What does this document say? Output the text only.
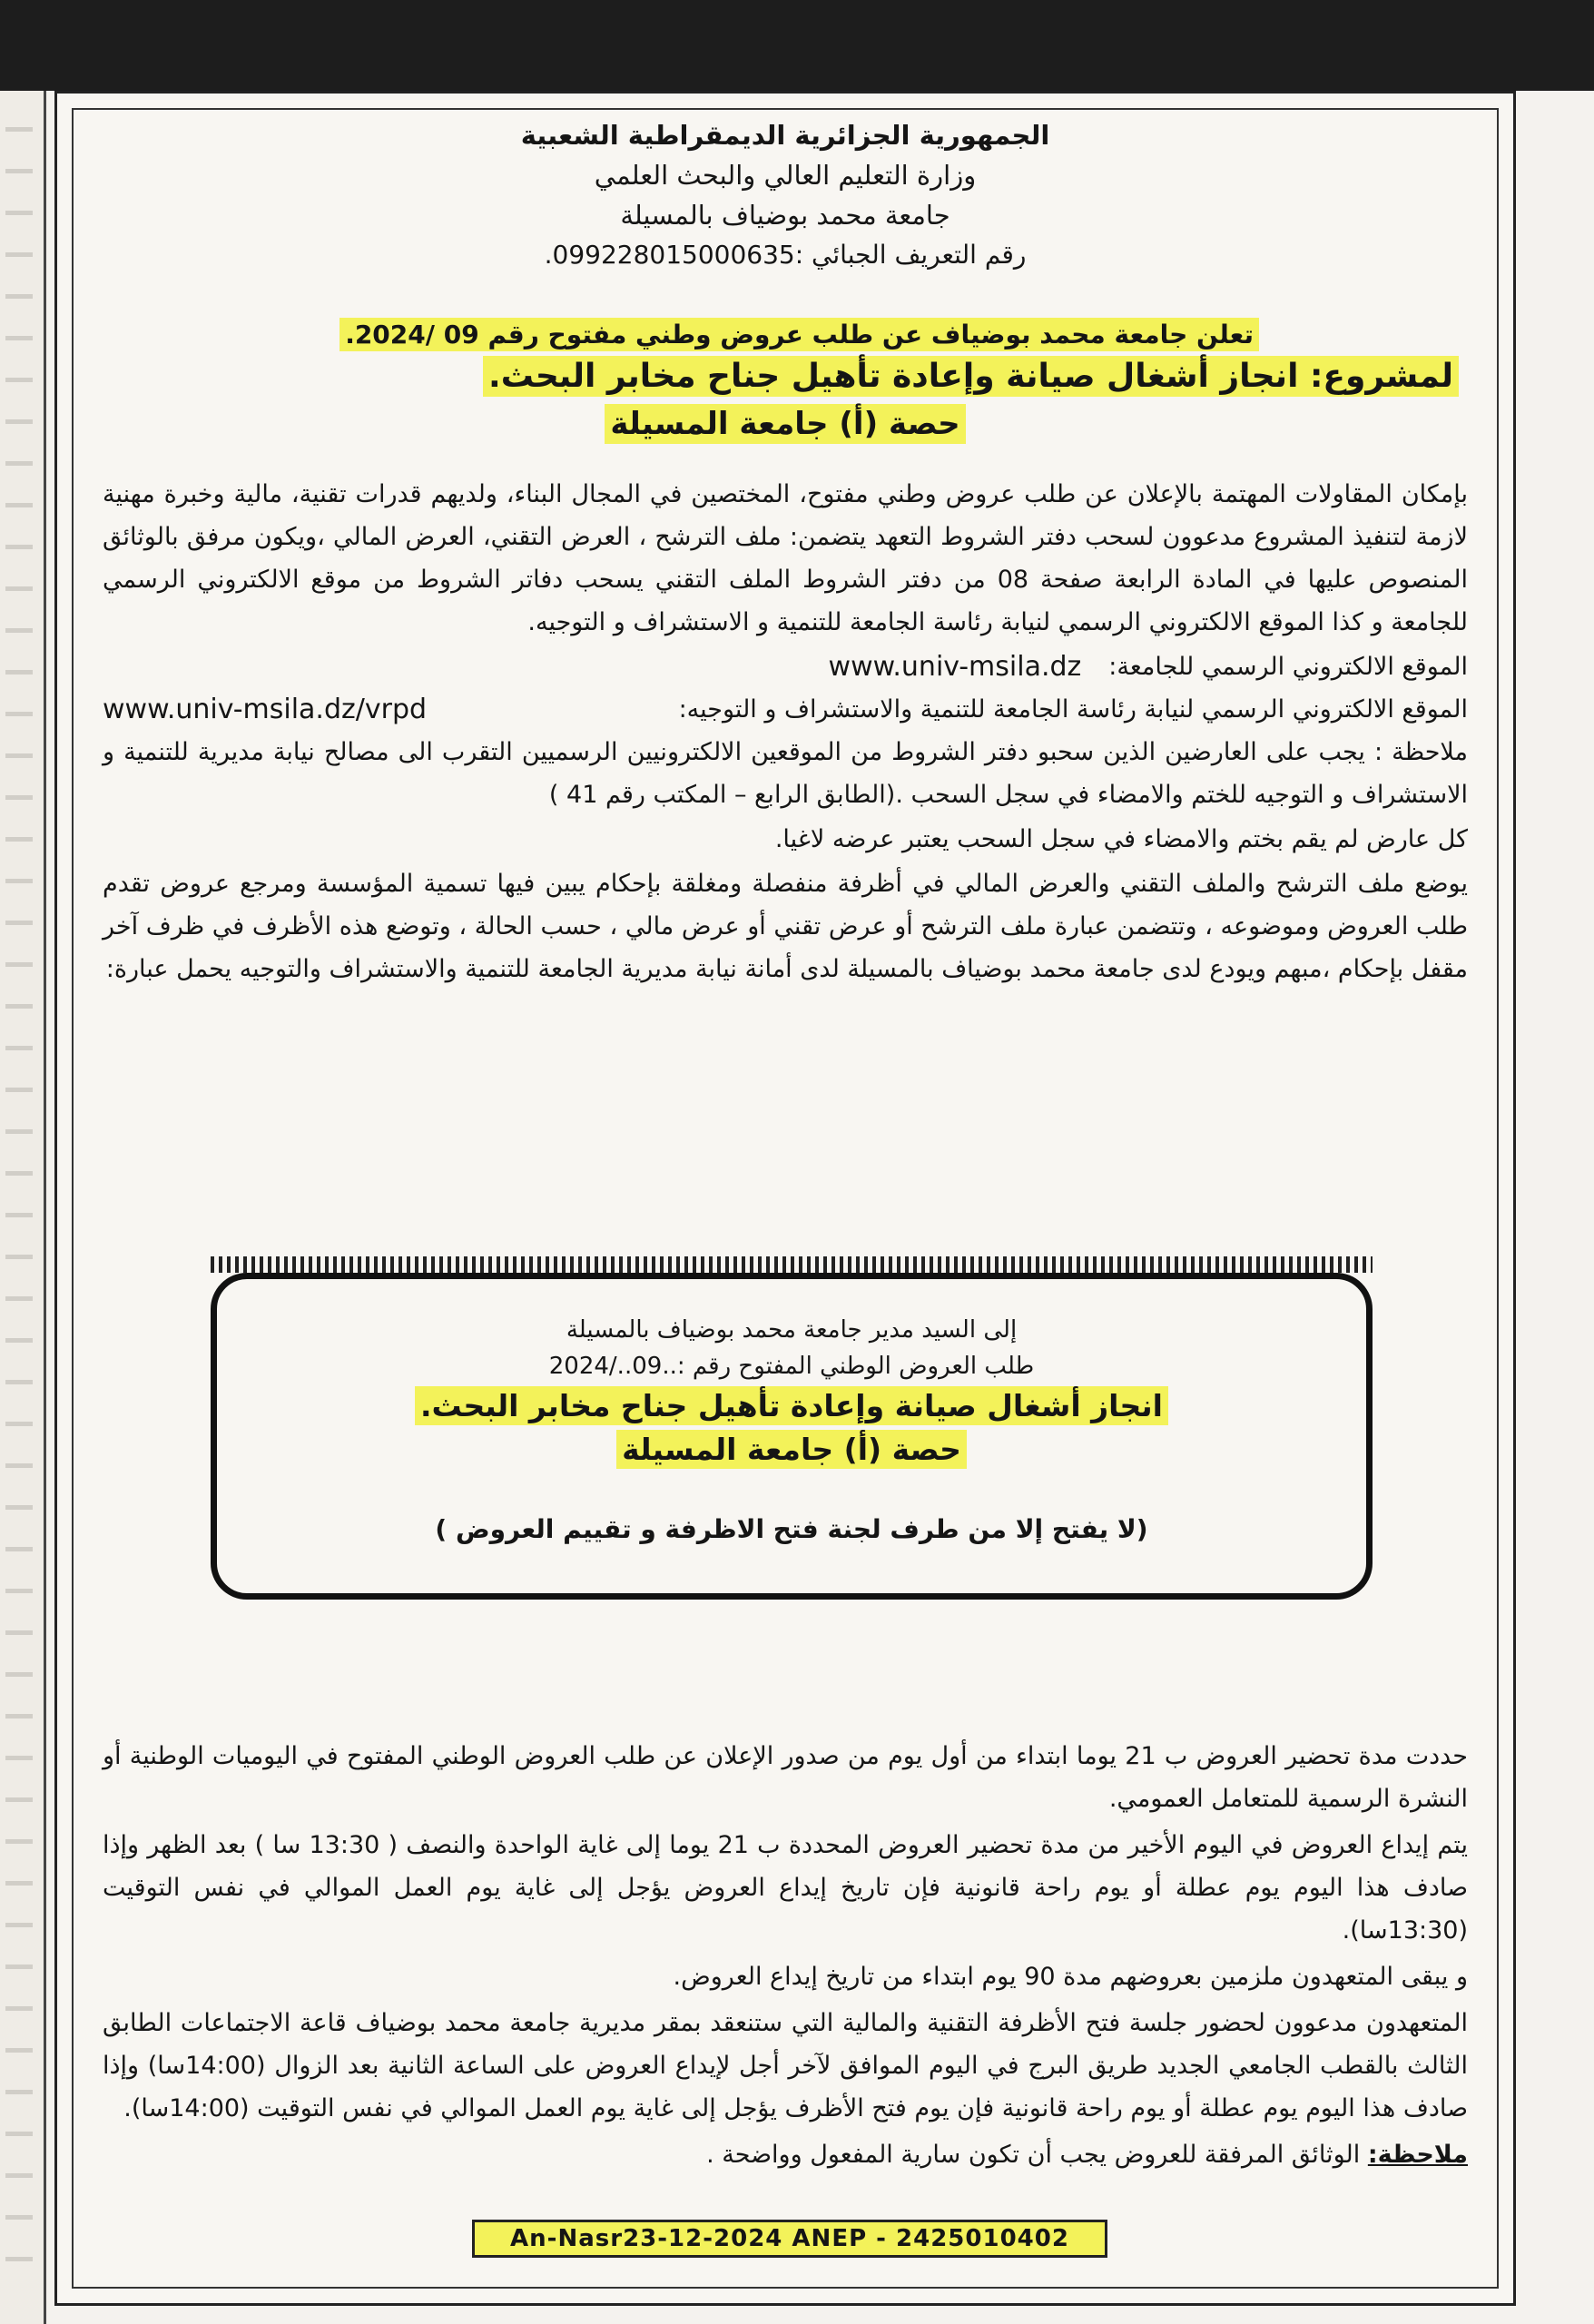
الجمهورية الجزائرية الديمقراطية الشعبية
وزارة التعليم العالي والبحث العلمي
جامعة محمد بوضياف بالمسيلة
رقم التعريف الجبائي :099228015000635.
تعلن جامعة محمد بوضياف عن طلب عروض وطني مفتوح رقم 09 /2024.
لمشروع: انجاز أشغال صيانة وإعادة تأهيل جناح مخابر البحث.
حصة (أ) جامعة المسيلة

بإمكان المقاولات المهتمة بالإعلان عن طلب عروض وطني مفتوح، المختصين في المجال البناء، ولديهم قدرات تقنية، مالية وخبرة مهنية لازمة لتنفيذ المشروع مدعوون لسحب دفتر الشروط التعهد يتضمن: ملف الترشح ، العرض التقني، العرض المالي ،ويكون مرفق بالوثائق المنصوص عليها في المادة الرابعة صفحة 08 من دفتر الشروط الملف التقني يسحب دفاتر الشروط من موقع الالكتروني الرسمي للجامعة و كذا الموقع الالكتروني الرسمي لنيابة رئاسة الجامعة للتنمية و الاستشراف و التوجيه.

الموقع الالكتروني الرسمي للجامعة:
www.univ-msila.dz
الموقع الالكتروني الرسمي لنيابة رئاسة الجامعة للتنمية والاستشراف و التوجيه:
www.univ-msila.dz/vrpd

ملاحظة : يجب على العارضين الذين سحبو دفتر الشروط من الموقعين الالكترونيين الرسميين التقرب الى مصالح نيابة مديرية للتنمية و الاستشراف و التوجيه للختم والامضاء في سجل السحب .(الطابق الرابع – المكتب رقم 41 )

كل عارض لم يقم بختم والامضاء في سجل السحب يعتبر عرضه لاغيا.

يوضع ملف الترشح والملف التقني والعرض المالي في أظرفة منفصلة ومغلقة بإحكام يبين فيها تسمية المؤسسة ومرجع عروض تقدم طلب العروض وموضوعه ، وتتضمن عبارة ملف الترشح أو عرض تقني أو عرض مالي ، حسب الحالة ، وتوضع هذه الأظرف في ظرف آخر مقفل بإحكام ،مبهم ويودع لدى جامعة محمد بوضياف بالمسيلة لدى أمانة نيابة مديرية الجامعة للتنمية والاستشراف والتوجيه يحمل عبارة:

حددت مدة تحضير العروض ب 21 يوما ابتداء من أول يوم من صدور الإعلان عن طلب العروض الوطني المفتوح في اليوميات الوطنية أو النشرة الرسمية للمتعامل العمومي.

يتم إيداع العروض في اليوم الأخير من مدة تحضير العروض المحددة ب 21 يوما إلى غاية الواحدة والنصف ( 13:30 سا ) بعد الظهر وإذا صادف هذا اليوم يوم عطلة أو يوم راحة قانونية فإن تاريخ إيداع العروض يؤجل إلى غاية يوم العمل الموالي في نفس التوقيت (13:30سا).

و يبقى المتعهدون ملزمين بعروضهم مدة 90 يوم ابتداء من تاريخ إيداع العروض.

المتعهدون مدعوون لحضور جلسة فتح الأظرفة التقنية والمالية التي ستنعقد بمقر مديرية جامعة محمد بوضياف قاعة الاجتماعات الطابق الثالث بالقطب الجامعي الجديد طريق البرج في اليوم الموافق لآخر أجل لإيداع العروض على الساعة الثانية بعد الزوال (14:00سا) وإذا صادف هذا اليوم يوم عطلة أو يوم راحة قانونية فإن يوم فتح الأظرف يؤجل إلى غاية يوم العمل الموالي في نفس التوقيت (14:00سا).

ملاحظة: الوثائق المرفقة للعروض يجب أن تكون سارية المفعول وواضحة .

إلى السيد مدير جامعة محمد بوضياف بالمسيلة
طلب العروض الوطني المفتوح رقم :..09../2024
انجاز أشغال صيانة وإعادة تأهيل جناح مخابر البحث.
حصة (أ) جامعة المسيلة
(لا يفتح إلا من طرف لجنة فتح الاظرفة و تقييم العروض )
An-Nasr23-12-2024 ANEP - 2425010402
